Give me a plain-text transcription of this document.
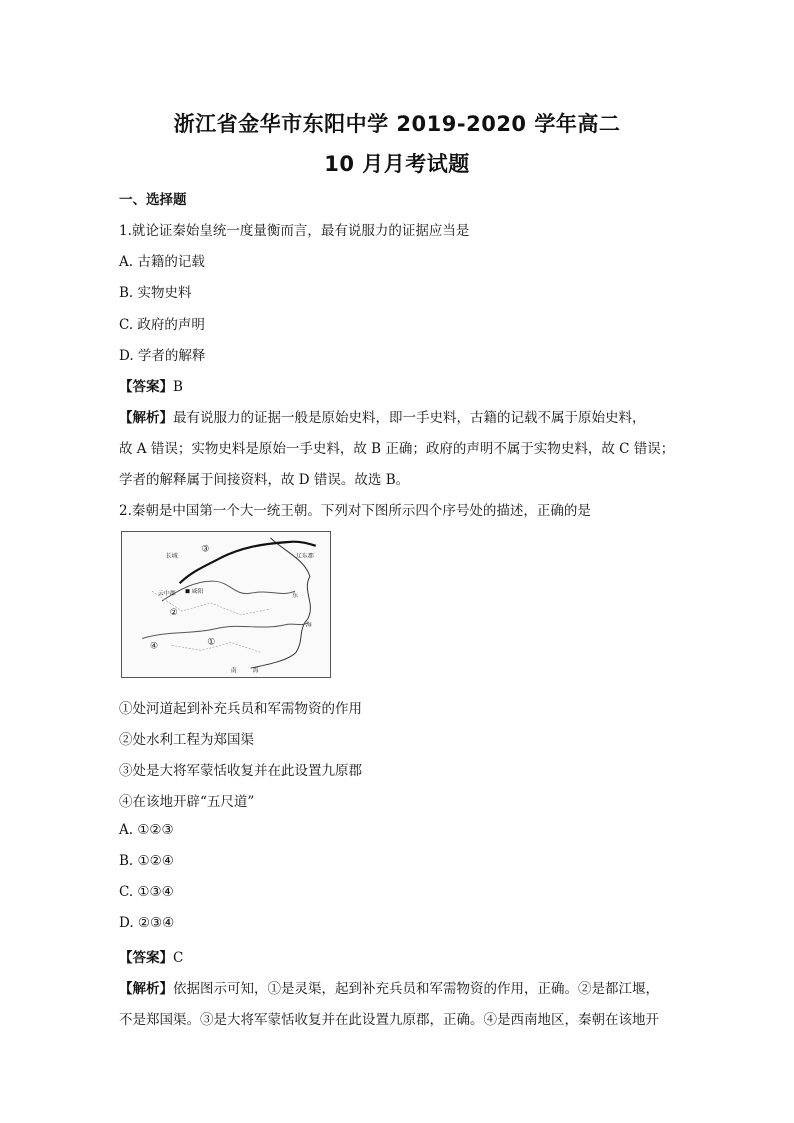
浙江省金华市东阳中学 2019-2020 学年高二
10 月月考试题
一、选择题
1.就论证秦始皇统一度量衡而言，最有说服力的证据应当是
A. 古籍的记载
B. 实物史料
C. 政府的声明
D. 学者的解释
【答案】B
【解析】最有说服力的证据一般是原始史料，即一手史料，古籍的记载不属于原始史料，
故 A 错误；实物史料是原始一手史料，故 B 正确；政府的声明不属于实物史料，故 C 错误；
学者的解释属于间接资料，故 D 错误。故选 B。
2.秦朝是中国第一个大一统王朝。下列对下图所示四个序号处的描述，正确的是
长城
云中郡	咸阳
辽东郡
东
海
南	海
③
②
①
④
①处河道起到补充兵员和军需物资的作用
②处水利工程为郑国渠
③处是大将军蒙恬收复并在此设置九原郡
④在该地开辟“五尺道”
A. ①②③
B. ①②④
C. ①③④
D. ②③④
【答案】C
【解析】依据图示可知，①是灵渠，起到补充兵员和军需物资的作用，正确。②是都江堰，
不是郑国渠。③是大将军蒙恬收复并在此设置九原郡，正确。④是西南地区，秦朝在该地开
